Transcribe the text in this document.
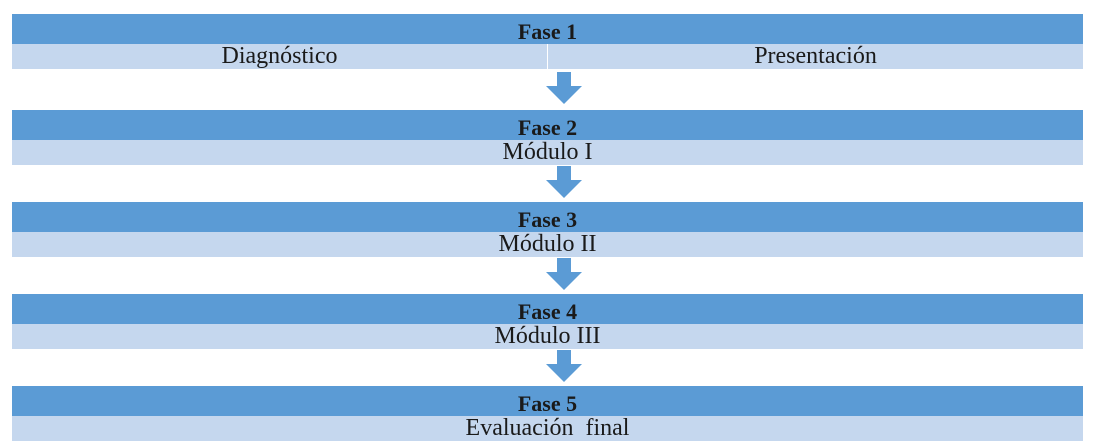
Fase 1
Diagnóstico	Presentación
Fase 2
Módulo I
Fase 3
Módulo II
Fase 4
Módulo III
Fase 5
Evaluación  final
